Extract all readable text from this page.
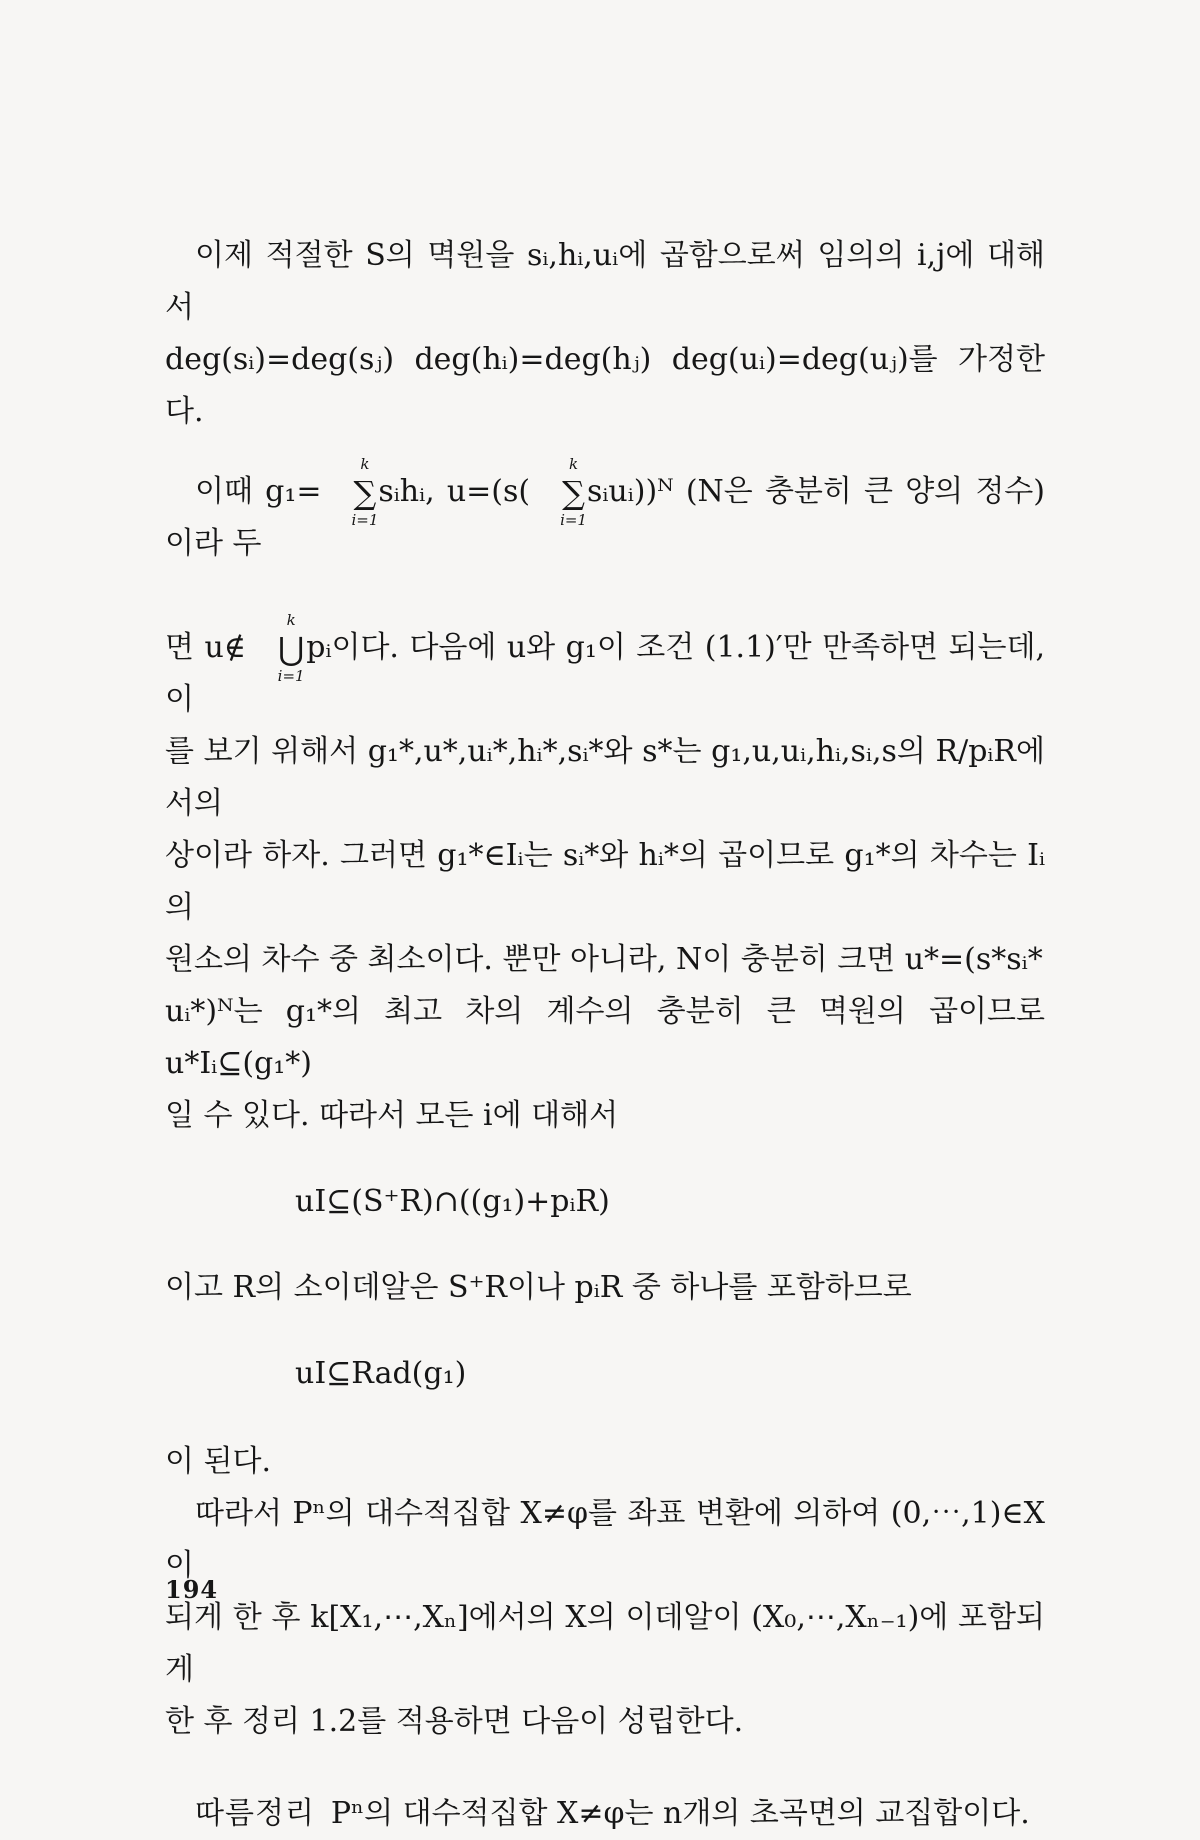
이제 적절한 S의 멱원을 sᵢ,hᵢ,uᵢ에 곱함으로써 임의의 i,j에 대해서
deg(sᵢ)=deg(sⱼ) deg(hᵢ)=deg(hⱼ) deg(uᵢ)=deg(uⱼ)를 가정한다.

이때 g₁=
k
∑
i=1
sᵢhᵢ, u=(s(
k
∑
i=1
sᵢuᵢ))ᴺ (N은 충분히 큰 양의 정수)이라 두

면 u∉
k
⋃
i=1
pᵢ이다. 다음에 u와 g₁이 조건 (1.1)′만 만족하면 되는데, 이
를 보기 위해서 g₁*,u*,uᵢ*,hᵢ*,sᵢ*와 s*는 g₁,u,uᵢ,hᵢ,sᵢ,s의 R/pᵢR에서의
상이라 하자. 그러면 g₁*∈Iᵢ는 sᵢ*와 hᵢ*의 곱이므로 g₁*의 차수는 Iᵢ의
원소의 차수 중 최소이다. 뿐만 아니라, N이 충분히 크면 u*=(s*sᵢ*
uᵢ*)ᴺ는 g₁*의 최고 차의 계수의 충분히 큰 멱원의 곱이므로 u*Iᵢ⊆(g₁*)
일 수 있다. 따라서 모든 i에 대해서

uI⊆(S⁺R)∩((g₁)+pᵢR)

이고 R의 소이데알은 S⁺R이나 pᵢR 중 하나를 포함하므로

uI⊆Rad(g₁)

이 된다.

따라서 Pⁿ의 대수적집합 X≠φ를 좌표 변환에 의하여 (0,⋯,1)∈X이
되게 한 후 k[X₁,⋯,Xₙ]에서의 X의 이데알이 (X₀,⋯,Xₙ₋₁)에 포함되게
한 후 정리 1.2를 적용하면 다음이 성립한다.

따름정리 Pⁿ의 대수적집합 X≠φ는 n개의 초곡면의 교집합이다.

194
